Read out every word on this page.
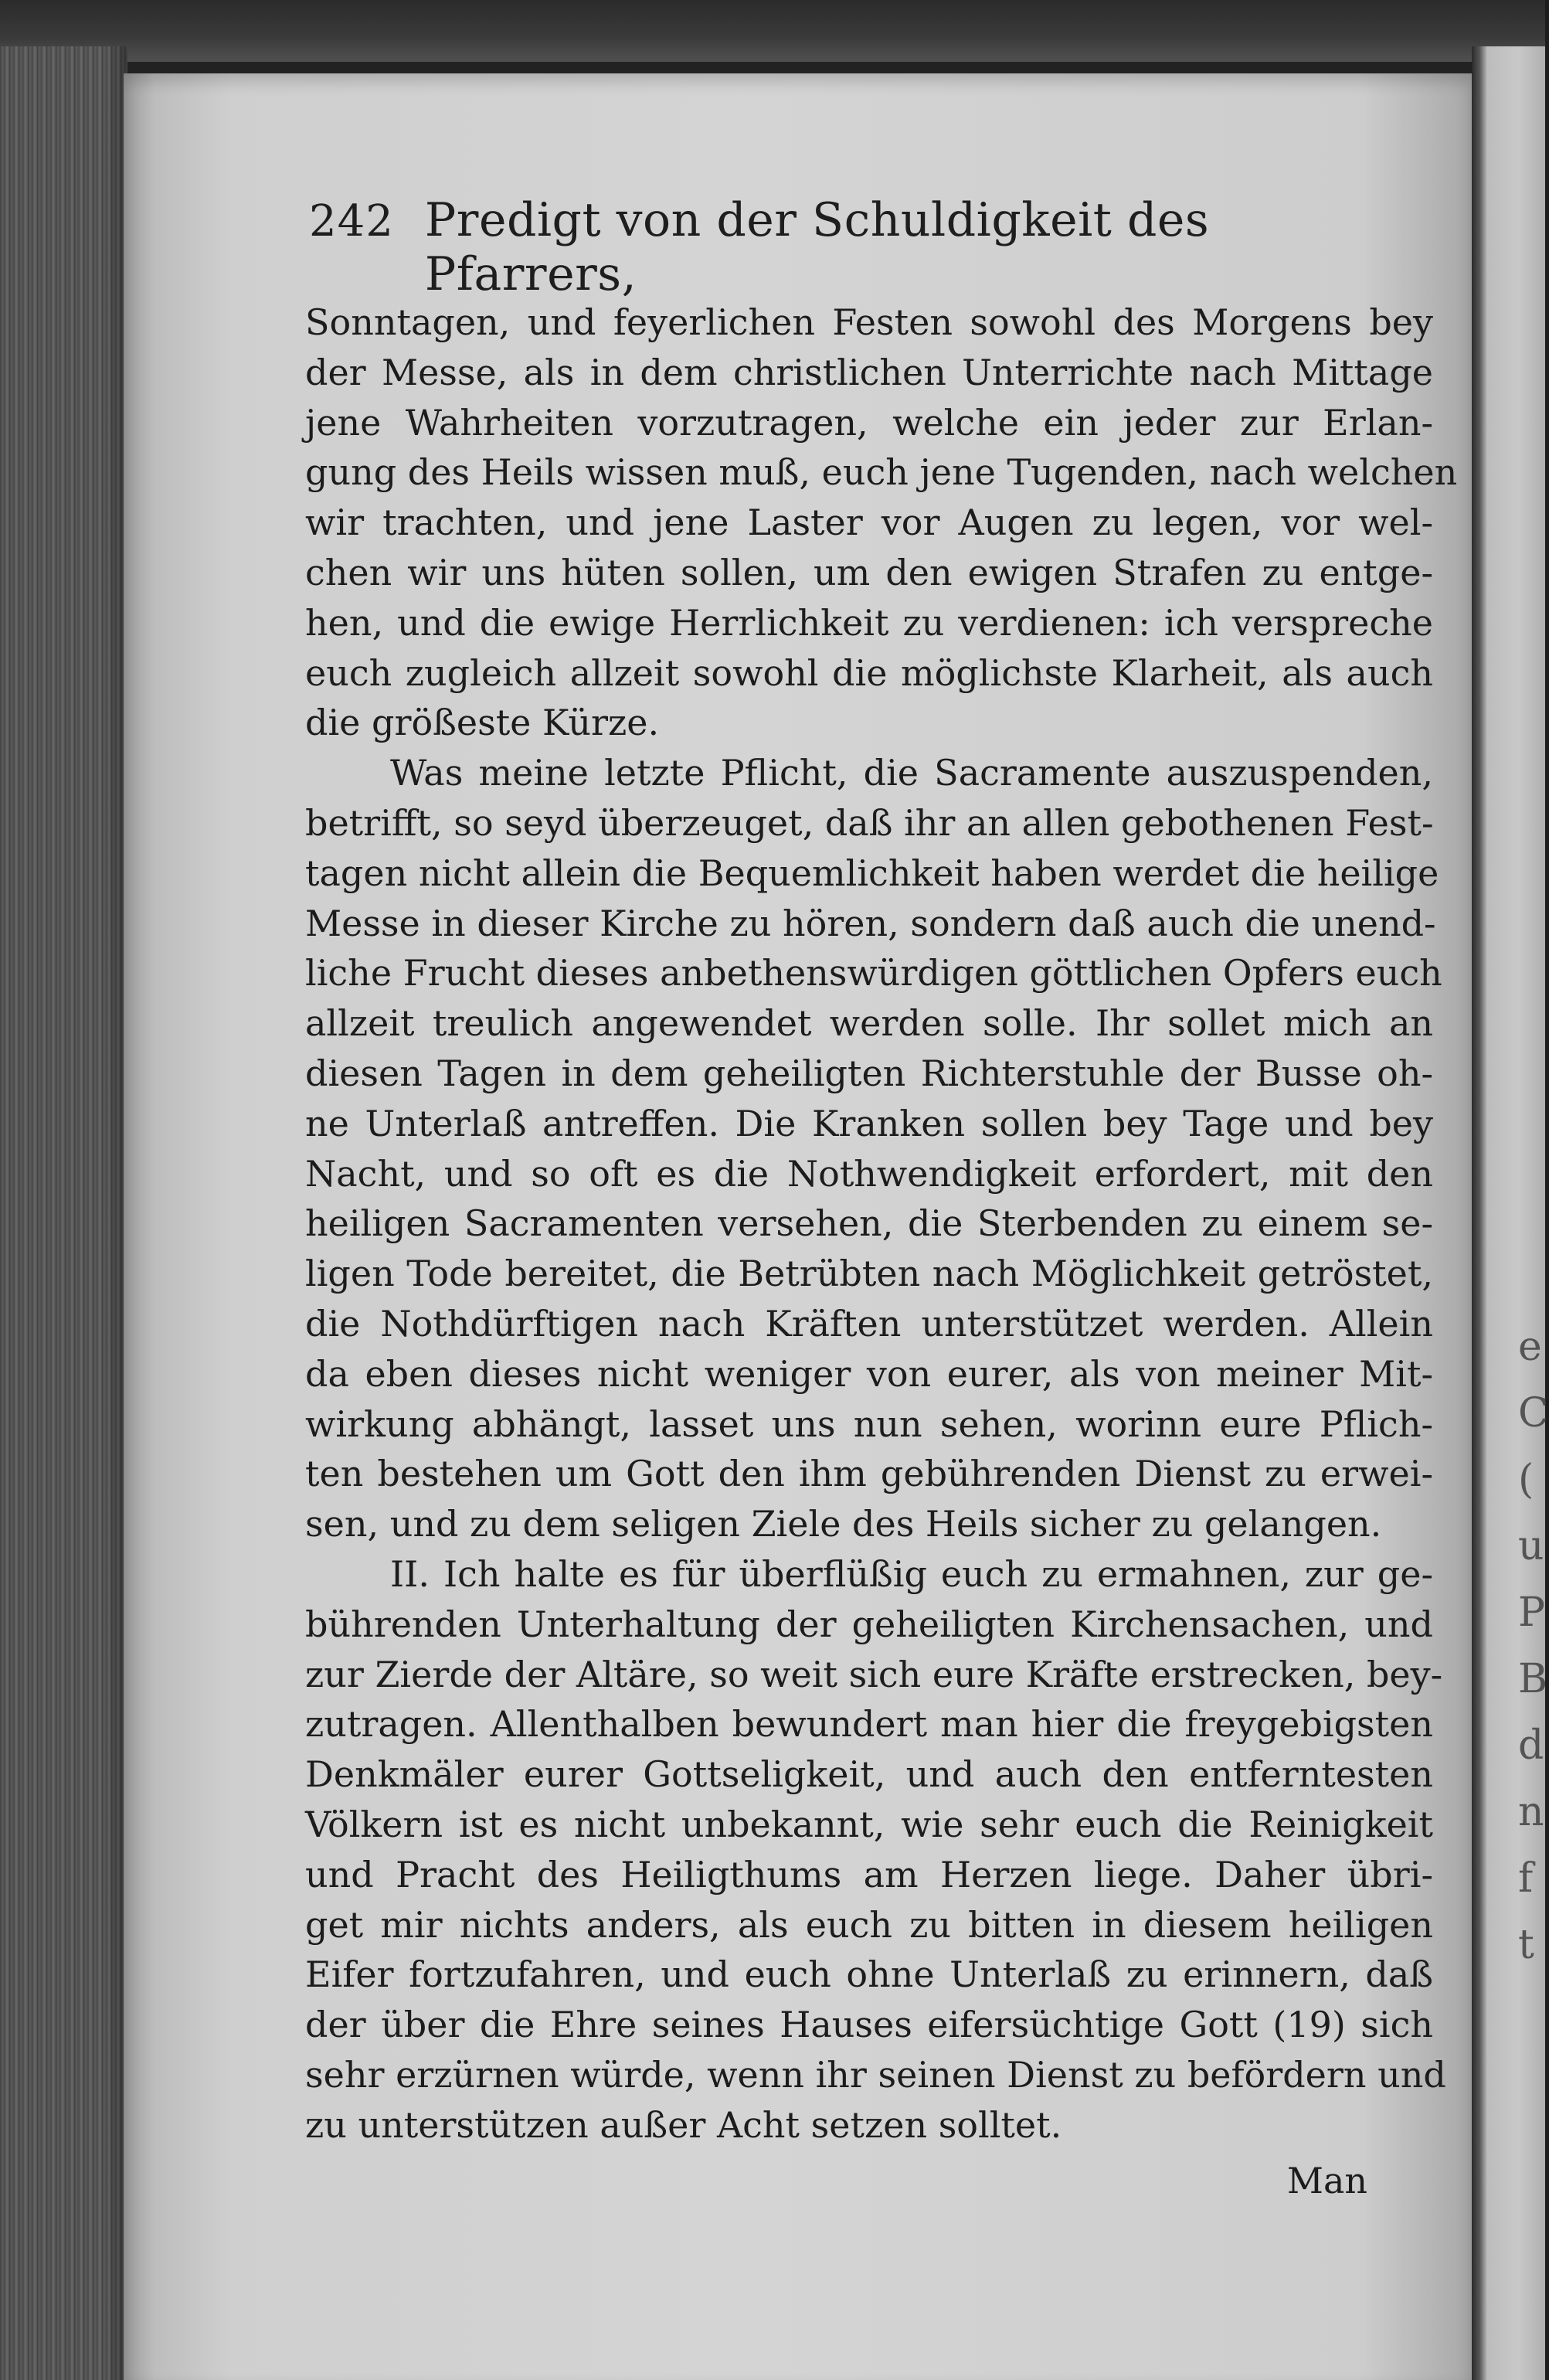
e
C
(
u
P
B
d
n
f
t
242 Predigt von der Schuldigkeit des Pfarrers,
Sonntagen, und feyerlichen Festen sowohl des Morgens bey
der Messe, als in dem christlichen Unterrichte nach Mittage
jene Wahrheiten vorzutragen, welche ein jeder zur Erlan-
gung des Heils wissen muß, euch jene Tugenden, nach welchen
wir trachten, und jene Laster vor Augen zu legen, vor wel-
chen wir uns hüten sollen, um den ewigen Strafen zu entge-
hen, und die ewige Herrlichkeit zu verdienen: ich verspreche
euch zugleich allzeit sowohl die möglichste Klarheit, als auch
die größeste Kürze.
Was meine letzte Pflicht, die Sacramente auszuspenden,
betrifft, so seyd überzeuget, daß ihr an allen gebothenen Fest-
tagen nicht allein die Bequemlichkeit haben werdet die heilige
Messe in dieser Kirche zu hören, sondern daß auch die unend-
liche Frucht dieses anbethenswürdigen göttlichen Opfers euch
allzeit treulich angewendet werden solle. Ihr sollet mich an
diesen Tagen in dem geheiligten Richterstuhle der Busse oh-
ne Unterlaß antreffen. Die Kranken sollen bey Tage und bey
Nacht, und so oft es die Nothwendigkeit erfordert, mit den
heiligen Sacramenten versehen, die Sterbenden zu einem se-
ligen Tode bereitet, die Betrübten nach Möglichkeit getröstet,
die Nothdürftigen nach Kräften unterstützet werden. Allein
da eben dieses nicht weniger von eurer, als von meiner Mit-
wirkung abhängt, lasset uns nun sehen, worinn eure Pflich-
ten bestehen um Gott den ihm gebührenden Dienst zu erwei-
sen, und zu dem seligen Ziele des Heils sicher zu gelangen.
II. Ich halte es für überflüßig euch zu ermahnen, zur ge-
bührenden Unterhaltung der geheiligten Kirchensachen, und
zur Zierde der Altäre, so weit sich eure Kräfte erstrecken, bey-
zutragen. Allenthalben bewundert man hier die freygebigsten
Denkmäler eurer Gottseligkeit, und auch den entferntesten
Völkern ist es nicht unbekannt, wie sehr euch die Reinigkeit
und Pracht des Heiligthums am Herzen liege. Daher übri-
get mir nichts anders, als euch zu bitten in diesem heiligen
Eifer fortzufahren, und euch ohne Unterlaß zu erinnern, daß
der über die Ehre seines Hauses eifersüchtige Gott (19) sich
sehr erzürnen würde, wenn ihr seinen Dienst zu befördern und
zu unterstützen außer Acht setzen solltet.
Man
